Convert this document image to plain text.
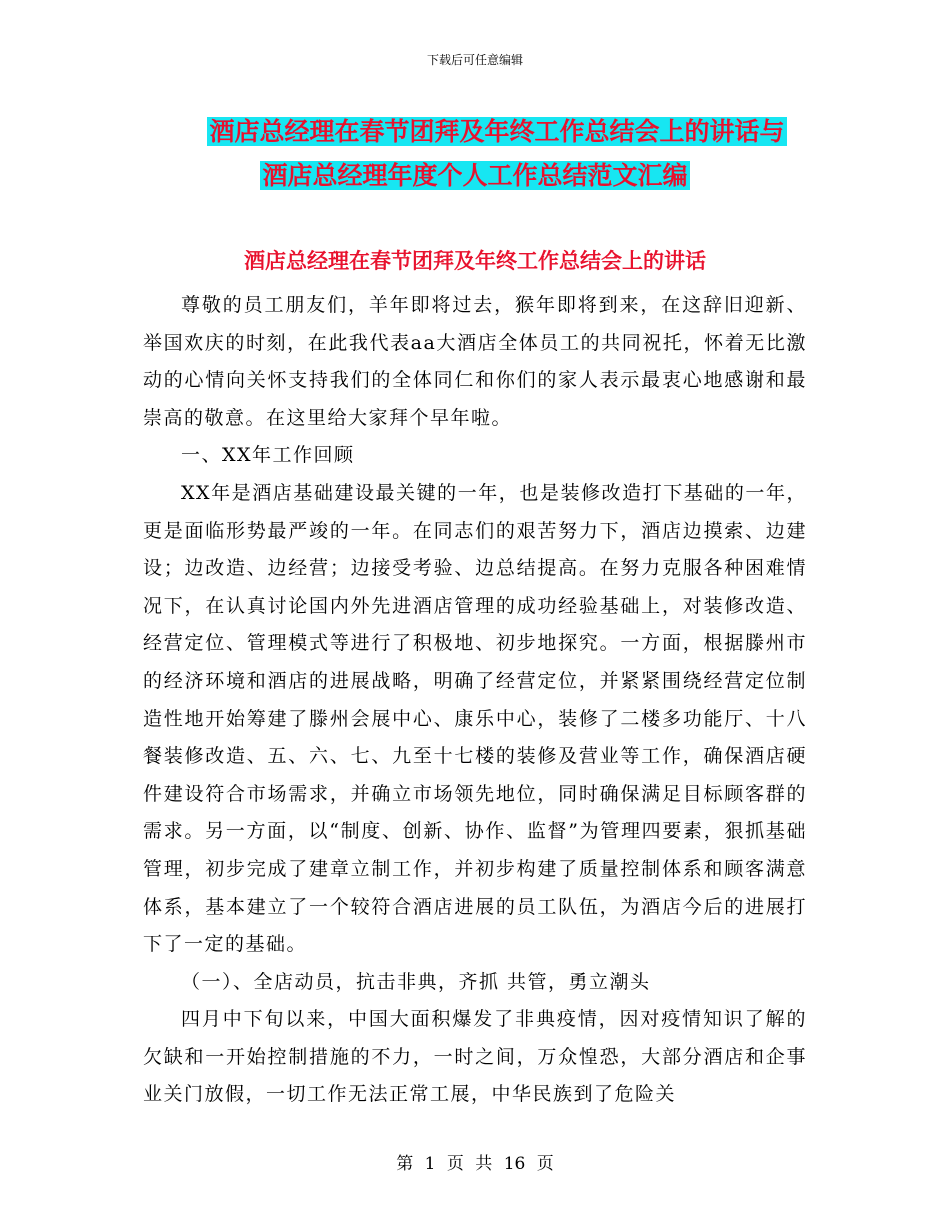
下载后可任意编辑
酒店总经理在春节团拜及年终工作总结会上的讲话与
酒店总经理年度个人工作总结范文汇编
酒店总经理在春节团拜及年终工作总结会上的讲话

尊敬的员工朋友们，羊年即将过去，猴年即将到来，在这辞旧迎新、举国欢庆的时刻，在此我代表aa大酒店全体员工的共同祝托，怀着无比激动的心情向关怀支持我们的全体同仁和你们的家人表示最衷心地感谢和最崇高的敬意。在这里给大家拜个早年啦。

一、XX年工作回顾

XX年是酒店基础建设最关键的一年，也是装修改造打下基础的一年，更是面临形势最严竣的一年。在同志们的艰苦努力下，酒店边摸索、边建设；边改造、边经营；边接受考验、边总结提高。在努力克服各种困难情况下，在认真讨论国内外先进酒店管理的成功经验基础上，对装修改造、经营定位、管理模式等进行了积极地、初步地探究。一方面，根据滕州市的经济环境和酒店的进展战略，明确了经营定位，并紧紧围绕经营定位制造性地开始筹建了滕州会展中心、康乐中心，装修了二楼多功能厅、十八餐装修改造、五、六、七、九至十七楼的装修及营业等工作，确保酒店硬件建设符合市场需求，并确立市场领先地位，同时确保满足目标顾客群的需求。另一方面，以“制度、创新、协作、监督”为管理四要素，狠抓基础管理，初步完成了建章立制工作，并初步构建了质量控制体系和顾客满意体系，基本建立了一个较符合酒店进展的员工队伍，为酒店今后的进展打下了一定的基础。

（一）、全店动员，抗击非典，齐抓 共管，勇立潮头

四月中下旬以来，中国大面积爆发了非典疫情，因对疫情知识了解的欠缺和一开始控制措施的不力，一时之间，万众惶恐，大部分酒店和企事业关门放假，一切工作无法正常工展，中华民族到了危险关

第 1 页 共 16 页
